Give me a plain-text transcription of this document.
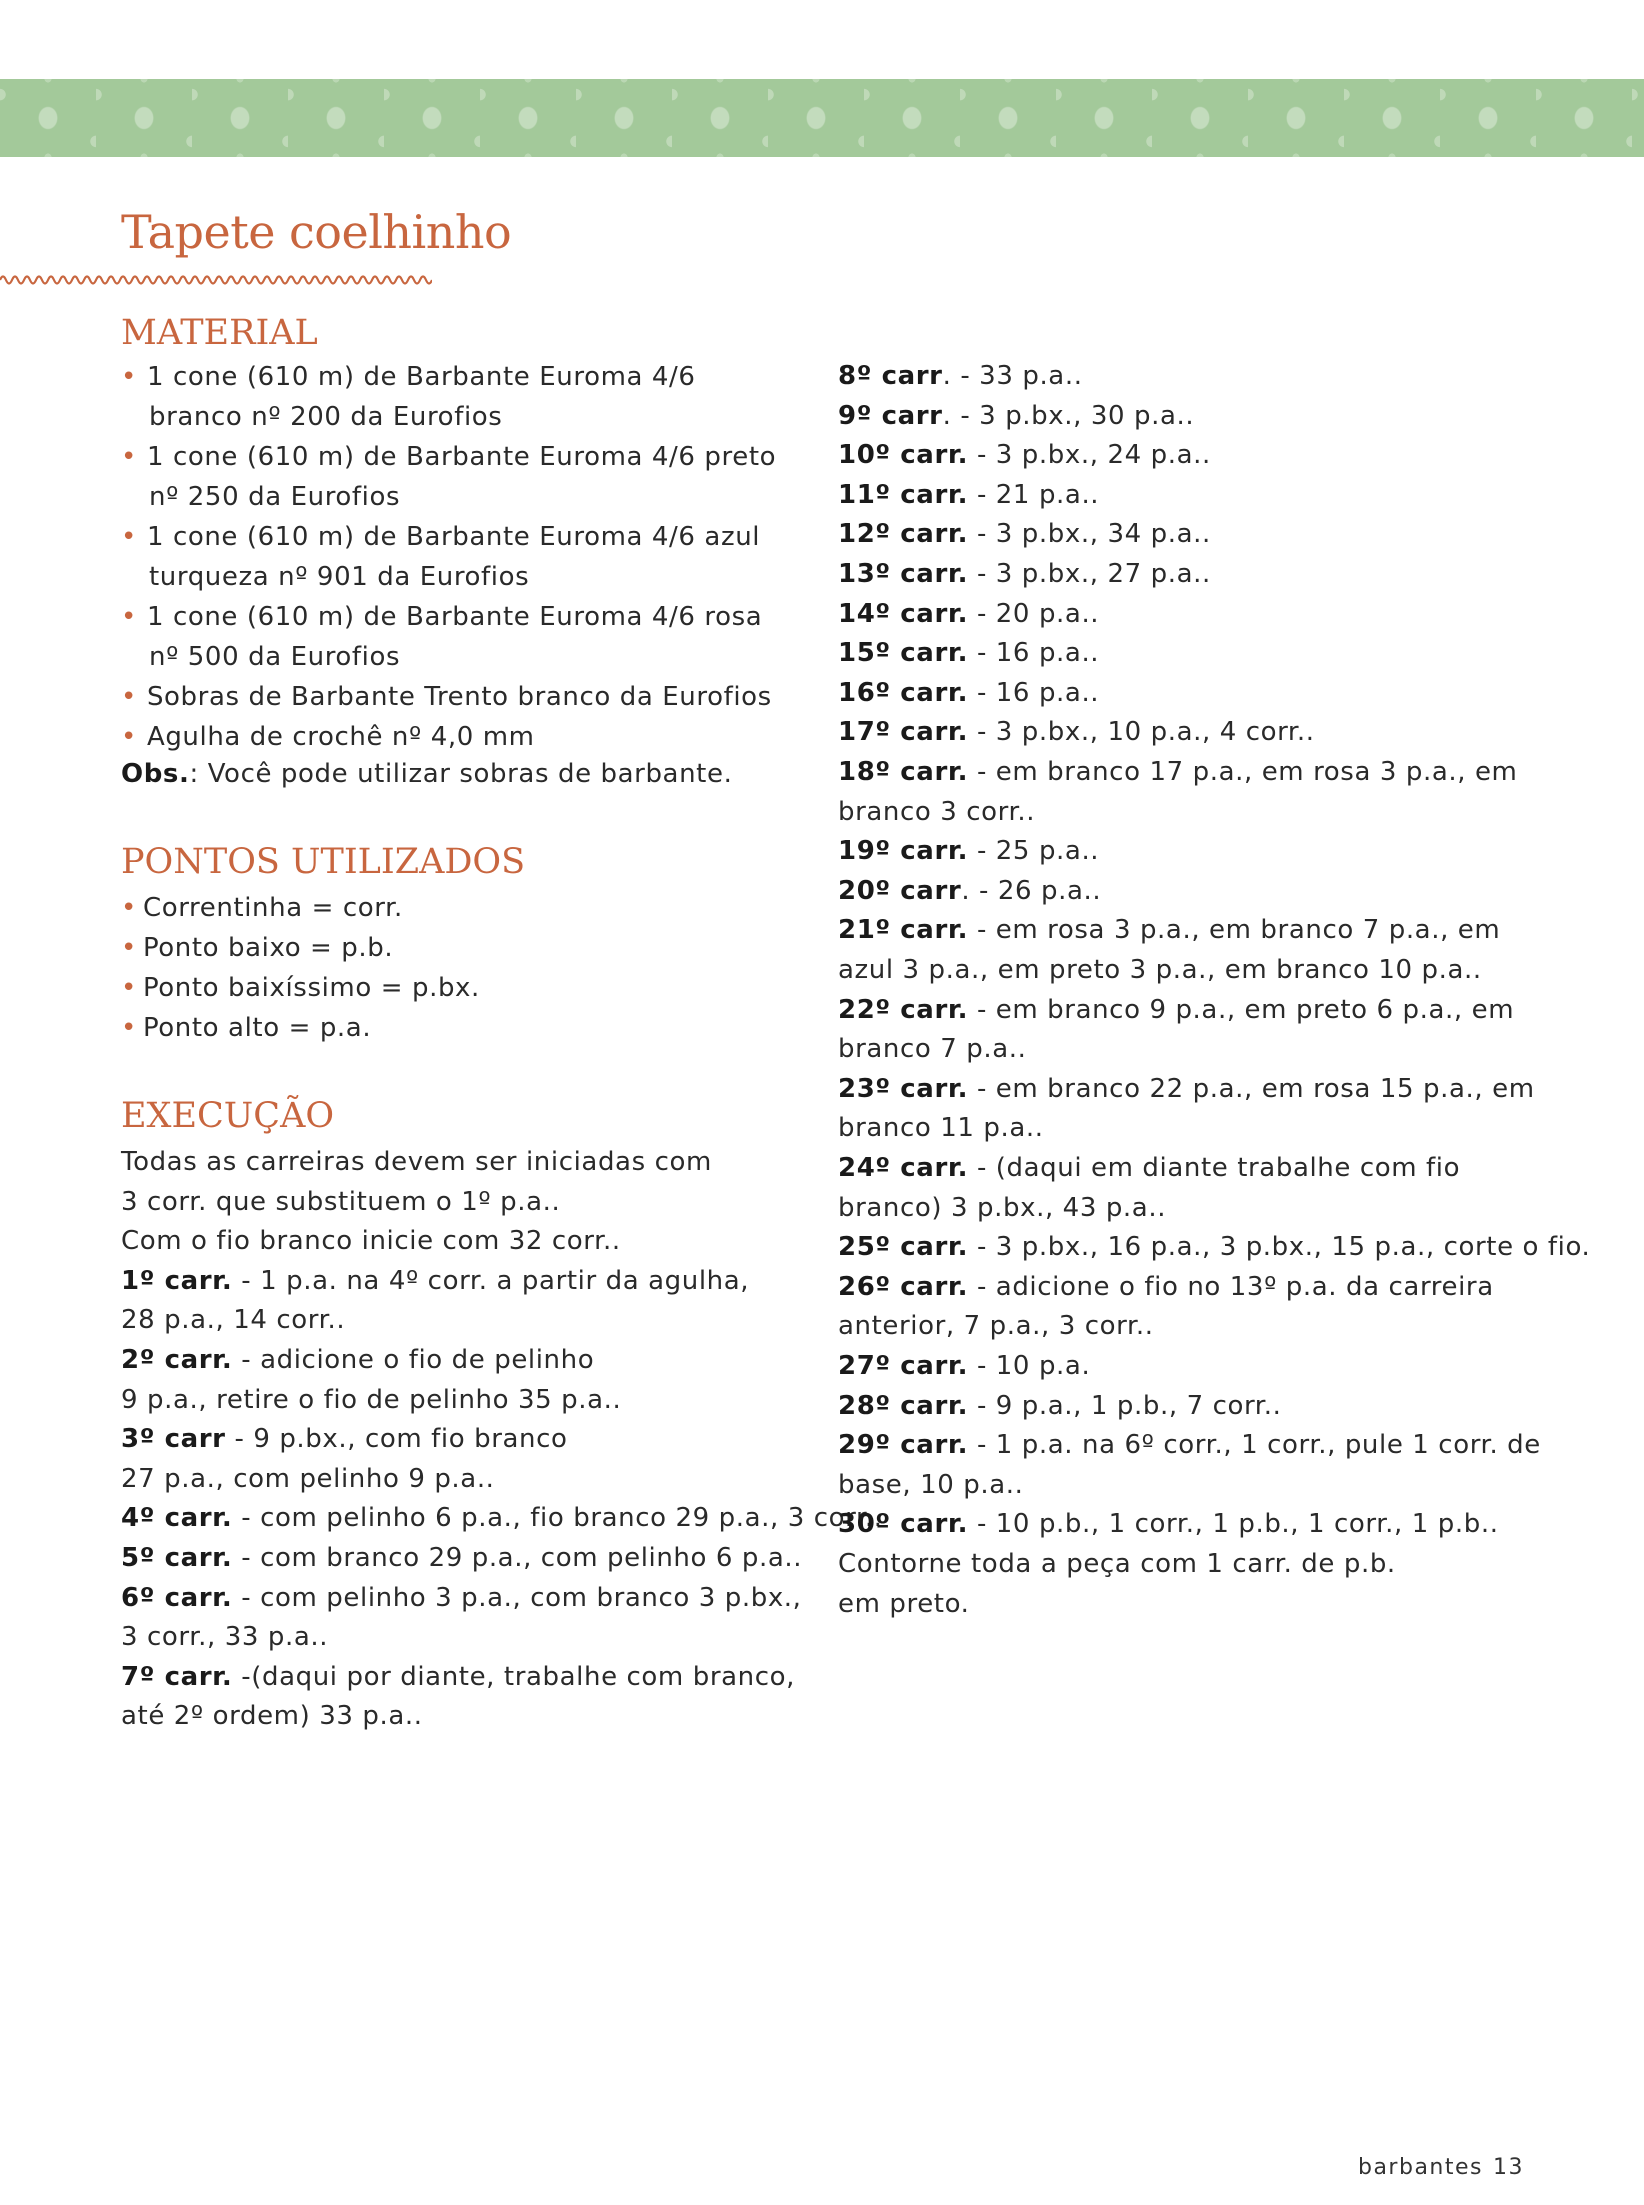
Tapete coelhinho
MATERIAL
• 1 cone (610 m) de Barbante Euroma 4/6
branco nº 200 da Eurofios
• 1 cone (610 m) de Barbante Euroma 4/6 preto
nº 250 da Eurofios
• 1 cone (610 m) de Barbante Euroma 4/6 azul
turqueza nº 901 da Eurofios
• 1 cone (610 m) de Barbante Euroma 4/6 rosa
nº 500 da Eurofios
• Sobras de Barbante Trento branco da Eurofios
• Agulha de crochê nº 4,0 mm
Obs.: Você pode utilizar sobras de barbante.
PONTOS UTILIZADOS
• Correntinha = corr.
• Ponto baixo = p.b.
• Ponto baixíssimo = p.bx.
• Ponto alto = p.a.
EXECUÇÃO
Todas as carreiras devem ser iniciadas com
3 corr. que substituem o 1º p.a..
Com o fio branco inicie com 32 corr..
1º carr. - 1 p.a. na 4º corr. a partir da agulha,
28 p.a., 14 corr..
2º carr. - adicione o fio de pelinho
9 p.a., retire o fio de pelinho 35 p.a..
3º carr - 9 p.bx., com fio branco
27 p.a., com pelinho 9 p.a..
4º carr. - com pelinho 6 p.a., fio branco 29 p.a., 3 corr..
5º carr. - com branco 29 p.a., com pelinho 6 p.a..
6º carr. - com pelinho 3 p.a., com branco 3 p.bx.,
3 corr., 33 p.a..
7º carr. -(daqui por diante, trabalhe com branco,
até 2º ordem) 33 p.a..
8º carr. - 33 p.a..
9º carr. - 3 p.bx., 30 p.a..
10º carr. - 3 p.bx., 24 p.a..
11º carr. - 21 p.a..
12º carr. - 3 p.bx., 34 p.a..
13º carr. - 3 p.bx., 27 p.a..
14º carr. - 20 p.a..
15º carr. - 16 p.a..
16º carr. - 16 p.a..
17º carr. - 3 p.bx., 10 p.a., 4 corr..
18º carr. - em branco 17 p.a., em rosa 3 p.a., em
branco 3 corr..
19º carr. - 25 p.a..
20º carr. - 26 p.a..
21º carr. - em rosa 3 p.a., em branco 7 p.a., em
azul 3 p.a., em preto 3 p.a., em branco 10 p.a..
22º carr. - em branco 9 p.a., em preto 6 p.a., em
branco 7 p.a..
23º carr. - em branco 22 p.a., em rosa 15 p.a., em
branco 11 p.a..
24º carr. - (daqui em diante trabalhe com fio
branco) 3 p.bx., 43 p.a..
25º carr. - 3 p.bx., 16 p.a., 3 p.bx., 15 p.a., corte o fio.
26º carr. - adicione o fio no 13º p.a. da carreira
anterior, 7 p.a., 3 corr..
27º carr. - 10 p.a.
28º carr. - 9 p.a., 1 p.b., 7 corr..
29º carr. - 1 p.a. na 6º corr., 1 corr., pule 1 corr. de
base, 10 p.a..
30º carr. - 10 p.b., 1 corr., 1 p.b., 1 corr., 1 p.b..
Contorne toda a peça com 1 carr. de p.b.
em preto.
barbantes 13
